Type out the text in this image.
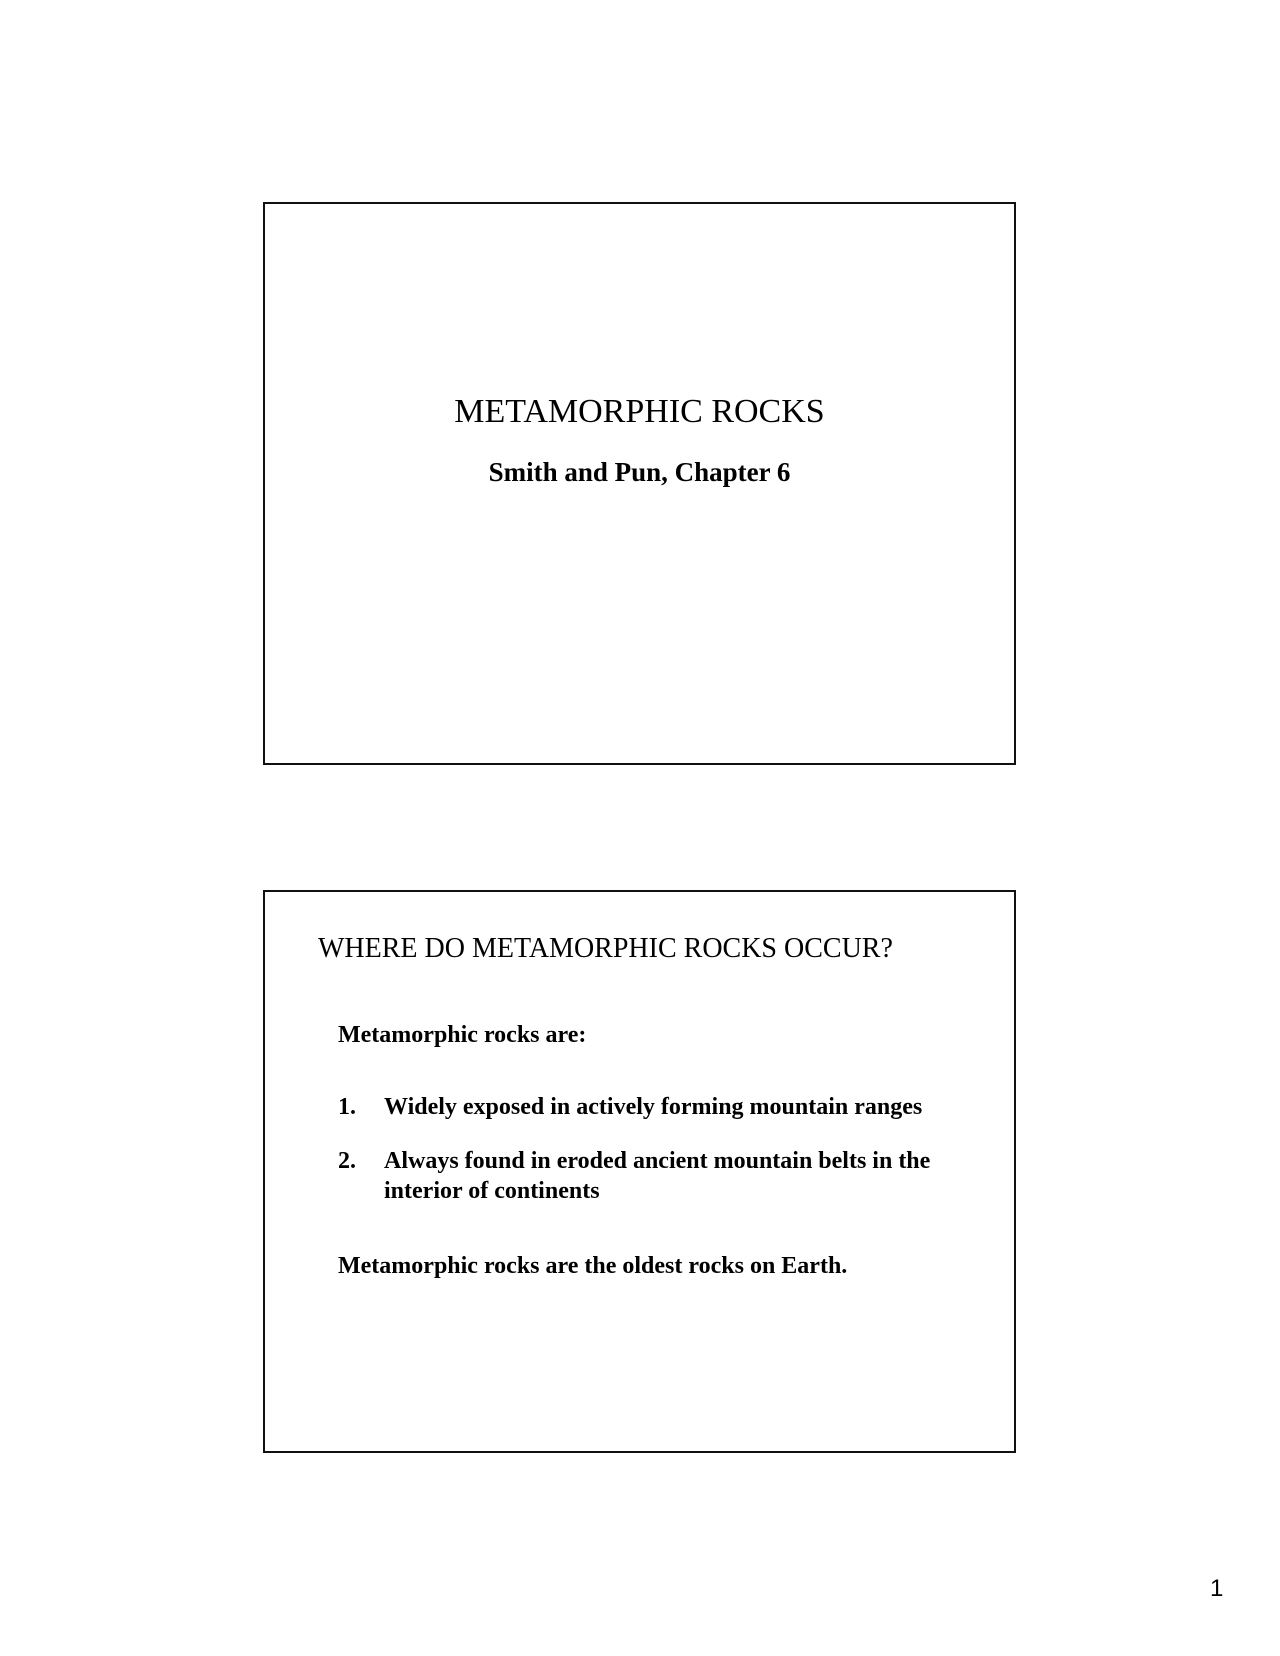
METAMORPHIC ROCKS

Smith and Pun, Chapter 6

WHERE DO METAMORPHIC ROCKS OCCUR?

Metamorphic rocks are:

1. Widely exposed in actively forming mountain ranges
2. Always found in eroded ancient mountain belts in the interior of continents

Metamorphic rocks are the oldest rocks on Earth.

1
